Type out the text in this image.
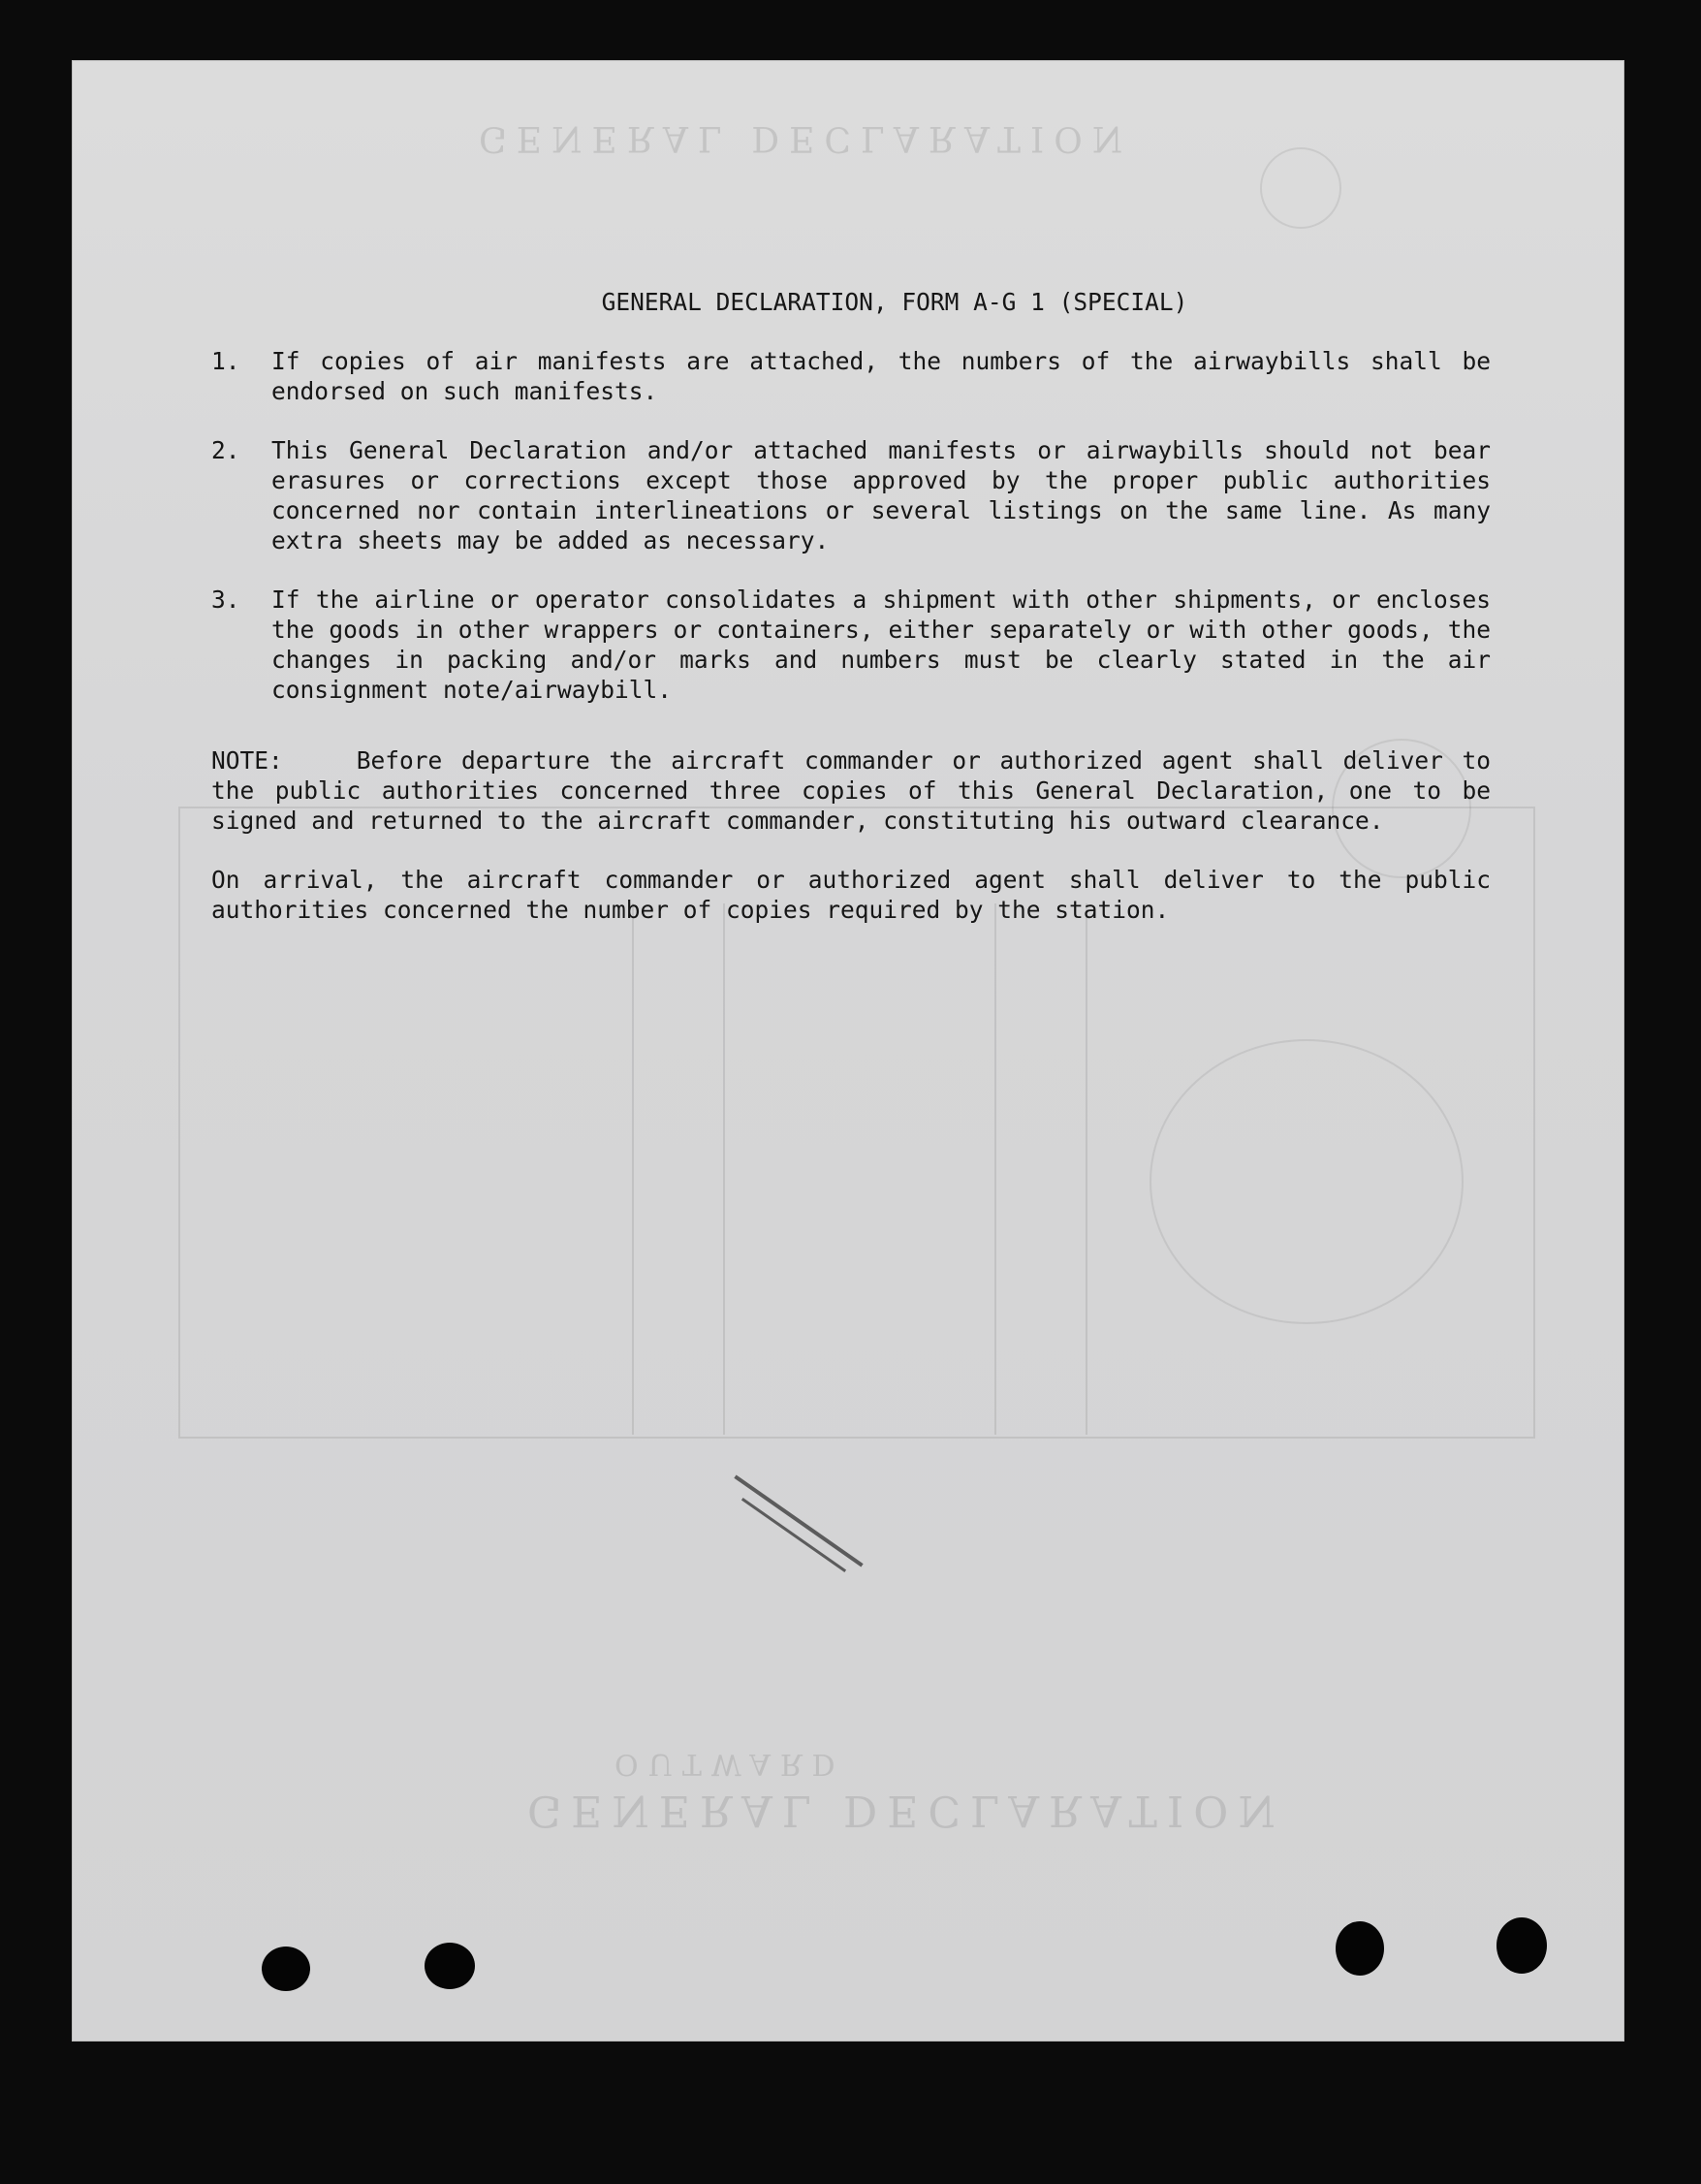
GENERAL DECLARATION
GENERAL DECLARATION
OUTWARD
GENERAL DECLARATION, FORM A-G 1 (SPECIAL)
1.	If copies of air manifests are attached, the numbers of the airwaybills shall be endorsed on such manifests.
2.	This General Declaration and/or attached manifests or airwaybills should not bear erasures or corrections except those approved by the proper public authorities concerned nor contain interlineations or several listings on the same line. As many extra sheets may be added as necessary.
3.	If the airline or operator consolidates a shipment with other shipments, or encloses the goods in other wrappers or containers, either separately or with other goods, the changes in packing and/or marks and numbers must be clearly stated in the air consignment note/airwaybill.
NOTE:	Before departure the aircraft commander or authorized agent shall deliver to the public authorities concerned three copies of this General Declaration, one to be signed and returned to the aircraft commander, constituting his outward clearance.
On arrival, the aircraft commander or authorized agent shall deliver to the public authorities concerned the number of copies required by the station.
